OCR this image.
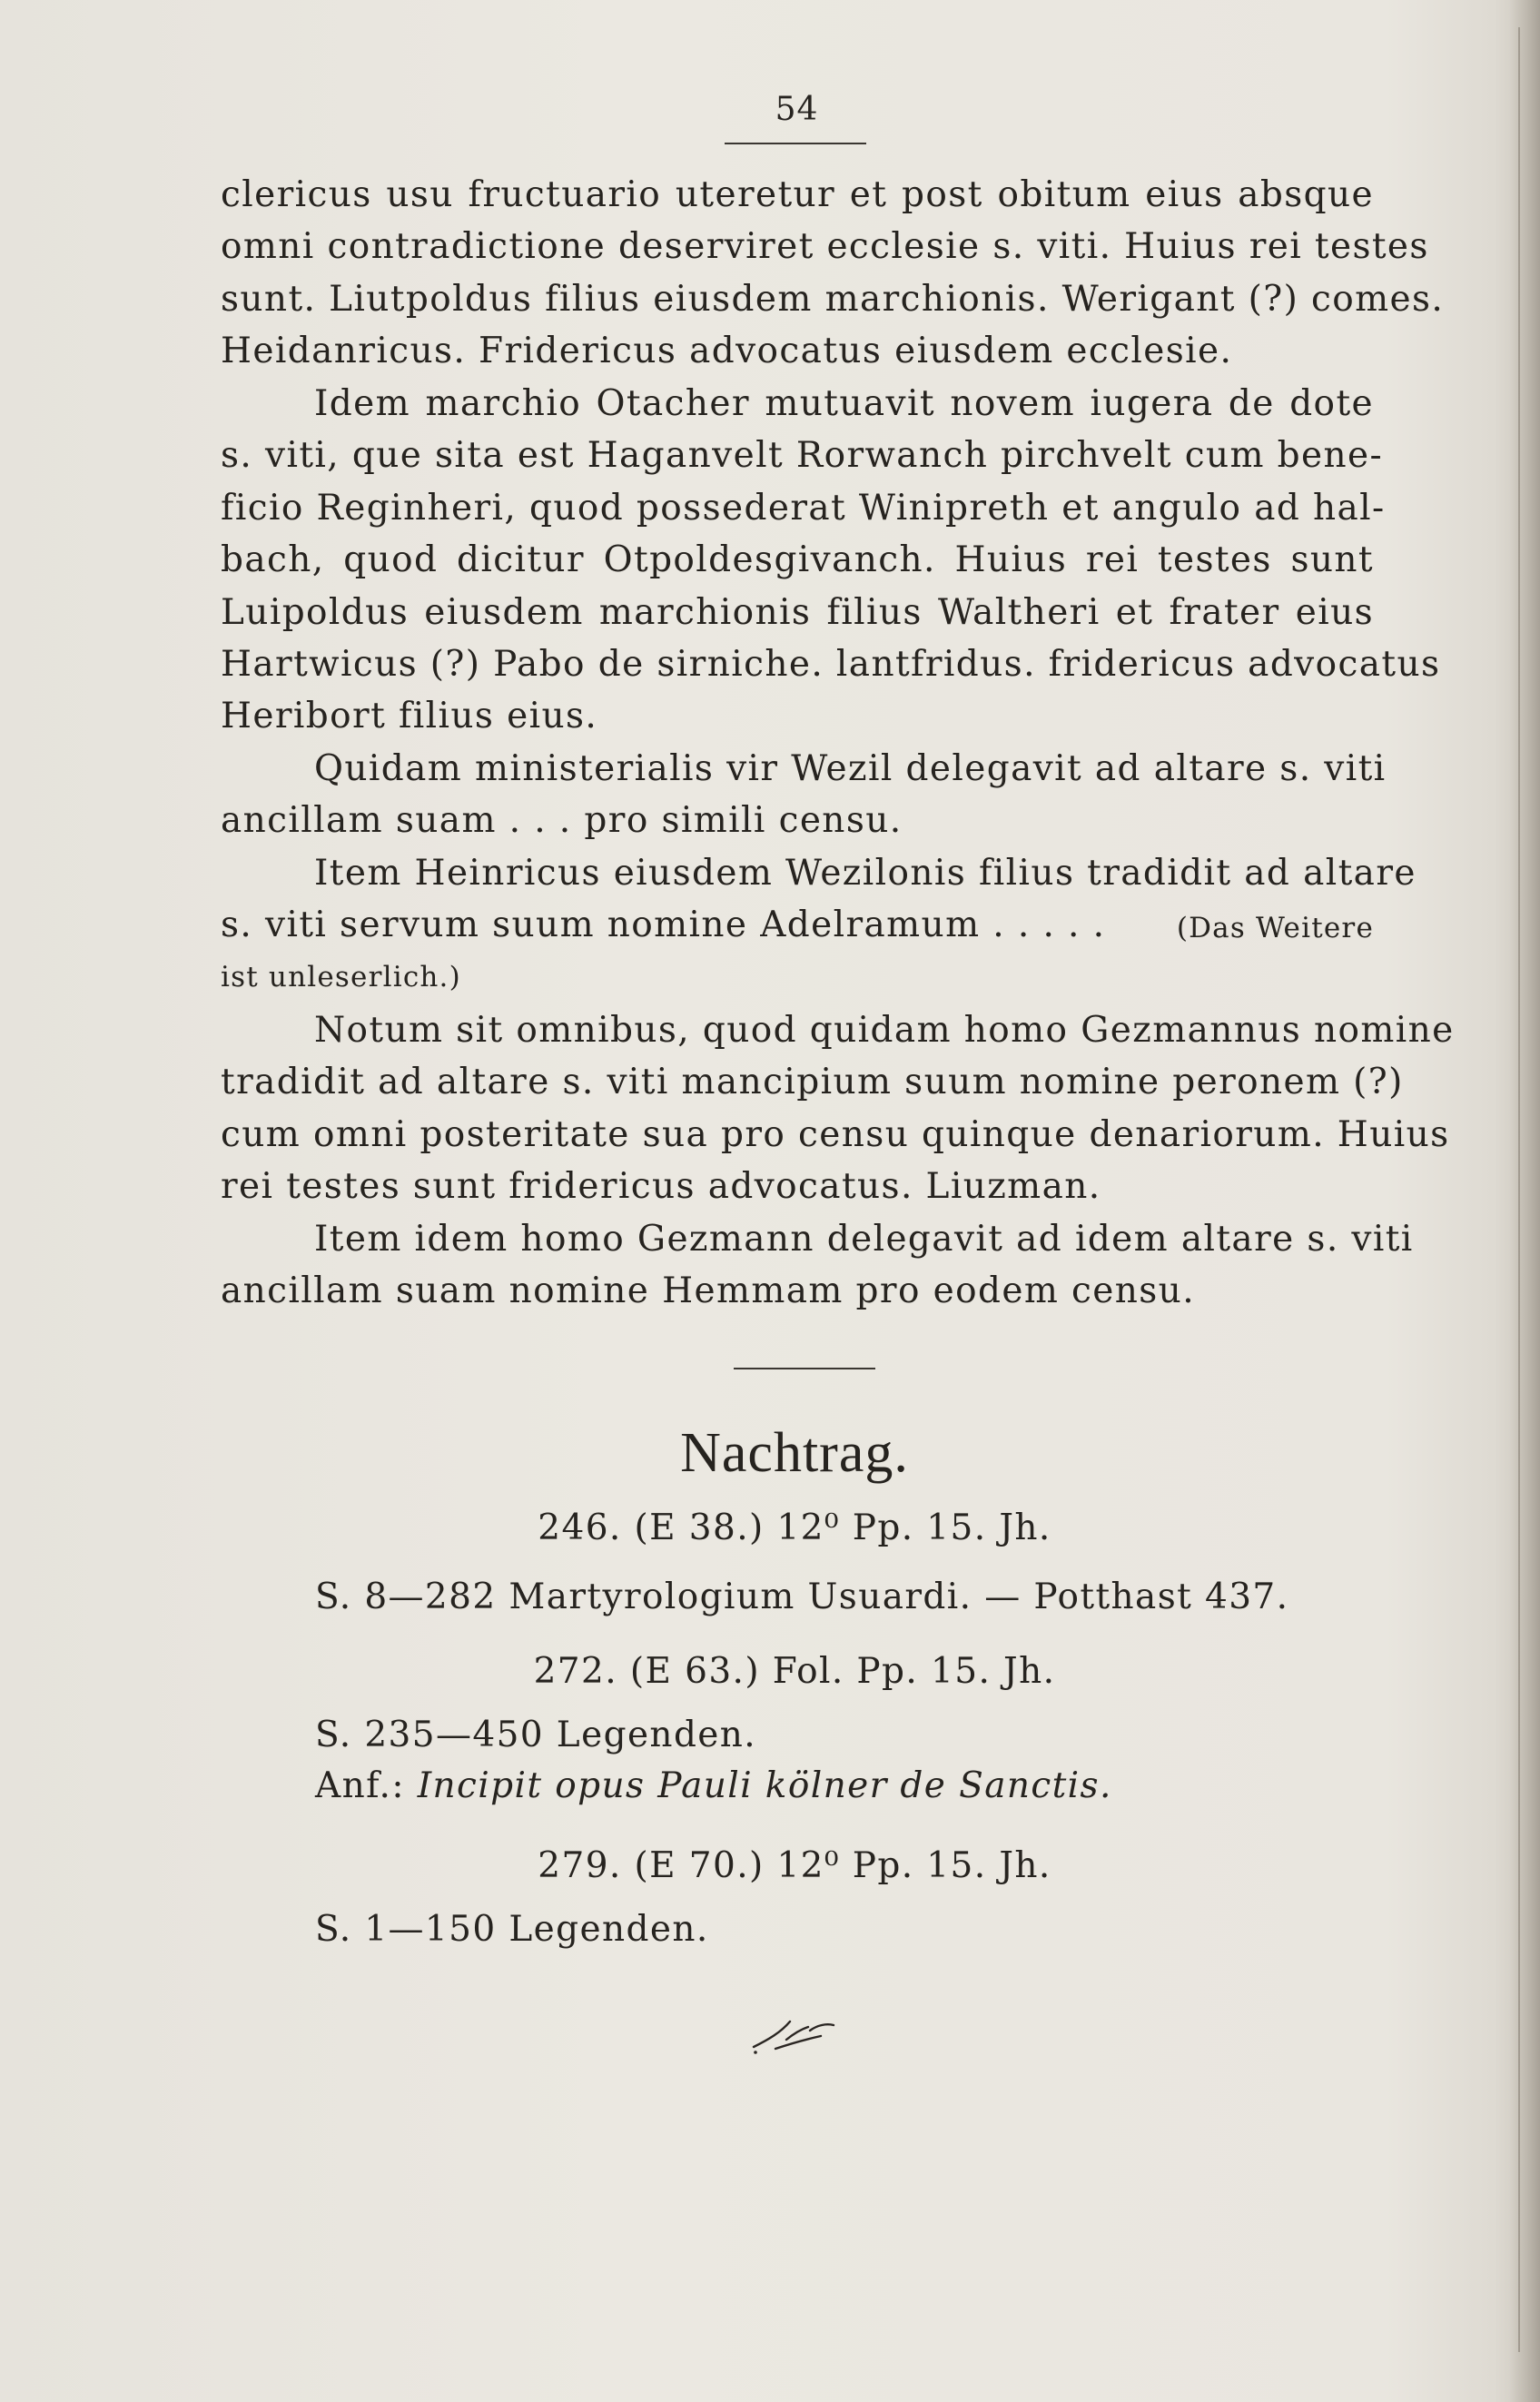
54
clericus usu fructuario uteretur et post obitum eius absque
omni contradictione deserviret ecclesie s. viti. Huius rei testes
sunt. Liutpoldus filius eiusdem marchionis. Werigant (?) comes.
Heidanricus. Fridericus advocatus eiusdem ecclesie.
Idem marchio Otacher mutuavit novem iugera de dote
s. viti, que sita est Haganvelt Rorwanch pirchvelt cum bene-
ficio Reginheri, quod possederat Winipreth et angulo ad hal-
bach, quod dicitur Otpoldesgivanch. Huius rei testes sunt
Luipoldus eiusdem marchionis filius Waltheri et frater eius
Hartwicus (?) Pabo de sirniche. lantfridus. fridericus advocatus
Heribort filius eius.
Quidam ministerialis vir Wezil delegavit ad altare s. viti
ancillam suam . . . pro simili censu.
Item Heinricus eiusdem Wezilonis filius tradidit ad altare
s. viti servum suum nomine Adelramum . . . . .	(Das Weitere
ist unleserlich.)
Notum sit omnibus, quod quidam homo Gezmannus nomine
tradidit ad altare s. viti mancipium suum nomine peronem (?)
cum omni posteritate sua pro censu quinque denariorum. Huius
rei testes sunt fridericus advocatus. Liuzman.
Item idem homo Gezmann delegavit ad idem altare s. viti
ancillam suam nomine Hemmam pro eodem censu.
Nachtrag.
246. (E 38.) 12⁰ Pp. 15. Jh.
S. 8—282 Martyrologium Usuardi. — Potthast 437.
272. (E 63.) Fol. Pp. 15. Jh.
S. 235—450 Legenden.
Anf.: Incipit opus Pauli kölner de Sanctis.
279. (E 70.) 12⁰ Pp. 15. Jh.
S. 1—150 Legenden.
